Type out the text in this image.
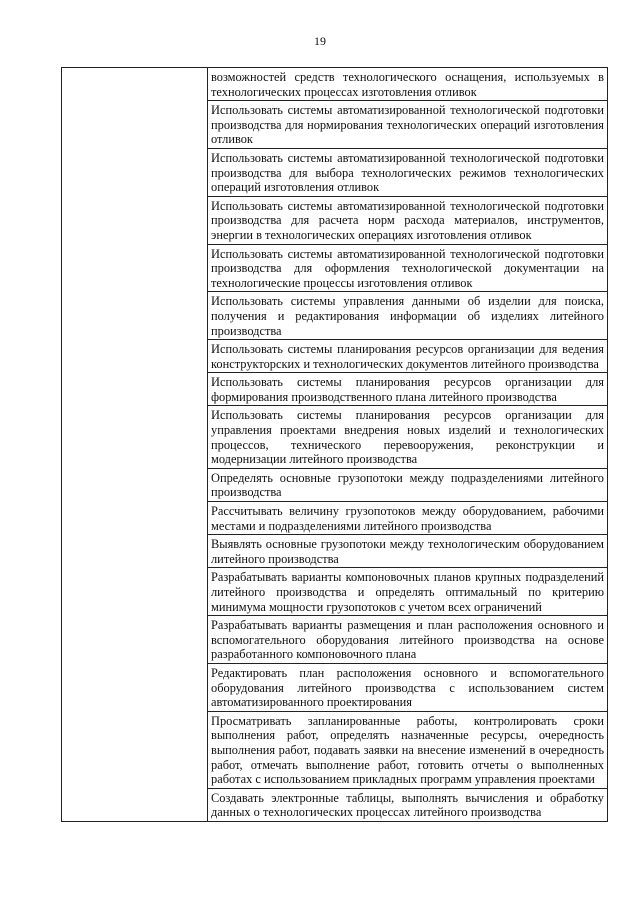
19

возможностей средств технологического оснащения, используемых в технологических процессах изготовления отливок

Использовать системы автоматизированной технологической подготовки производства для нормирования технологических операций изготовления отливок

Использовать системы автоматизированной технологической подготовки производства для выбора технологических режимов технологических операций изготовления отливок

Использовать системы автоматизированной технологической подготовки производства для расчета норм расхода материалов, инструментов, энергии в технологических операциях изготовления отливок

Использовать системы автоматизированной технологической подготовки производства для оформления технологической документации на технологические процессы изготовления отливок

Использовать системы управления данными об изделии для поиска, получения и редактирования информации об изделиях литейного производства

Использовать системы планирования ресурсов организации для ведения конструкторских и технологических документов литейного производства

Использовать системы планирования ресурсов организации для формирования производственного плана литейного производства

Использовать системы планирования ресурсов организации для управления проектами внедрения новых изделий и технологических процессов, технического перевооружения, реконструкции и модернизации литейного производства

Определять основные грузопотоки между подразделениями литейного производства

Рассчитывать величину грузопотоков между оборудованием, рабочими местами и подразделениями литейного производства

Выявлять основные грузопотоки между технологическим оборудованием литейного производства

Разрабатывать варианты компоновочных планов крупных подразделений литейного производства и определять оптимальный по критерию минимума мощности грузопотоков с учетом всех ограничений

Разрабатывать варианты размещения и план расположения основного и вспомогательного оборудования литейного производства на основе разработанного компоновочного плана

Редактировать план расположения основного и вспомогательного оборудования литейного производства с использованием систем автоматизированного проектирования

Просматривать запланированные работы, контролировать сроки выполнения работ, определять назначенные ресурсы, очередность выполнения работ, подавать заявки на внесение изменений в очередность работ, отмечать выполнение работ, готовить отчеты о выполненных работах с использованием прикладных программ управления проектами

Создавать электронные таблицы, выполнять вычисления и обработку данных о технологических процессах литейного производства
